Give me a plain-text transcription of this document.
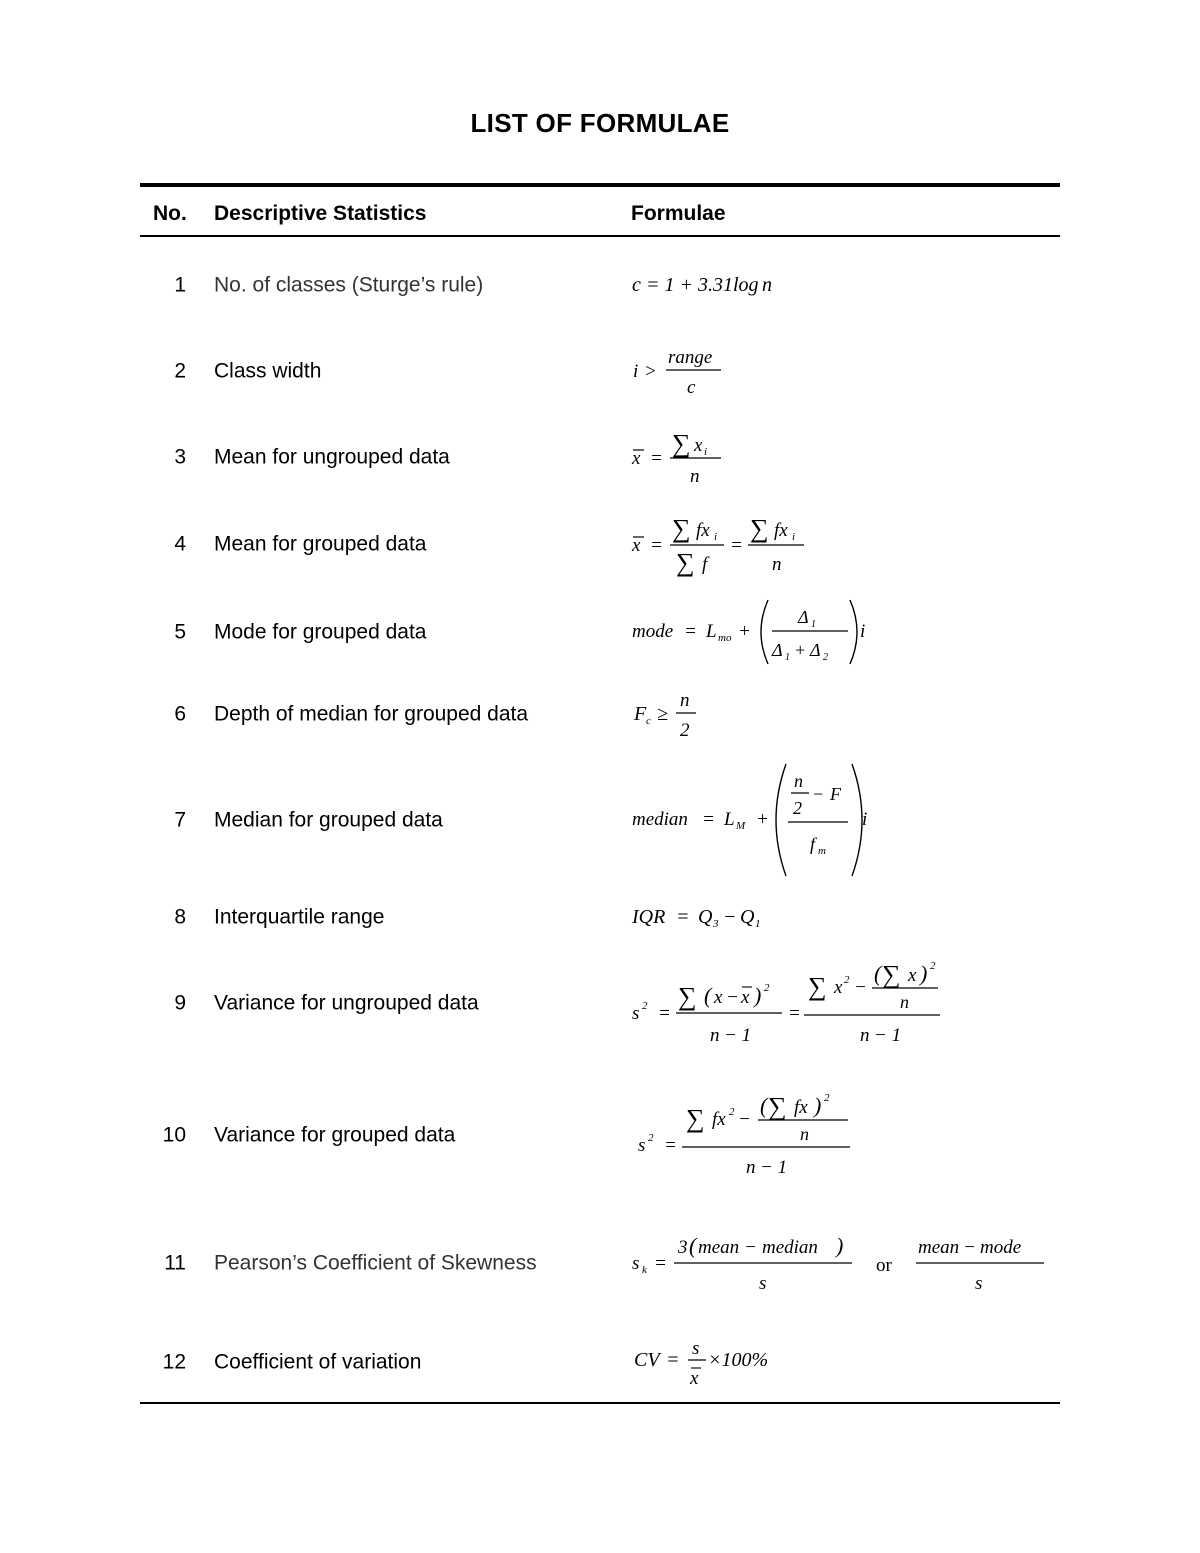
LIST OF FORMULAE
No. Descriptive Statistics	Formulae
1 No. of classes (Sturge’s rule)	c = 1 + 3.31log n
2 Class width	i >
range
c
3 Mean for ungrouped data	x =
∑ x i
n
4 Mean for grouped data	x =
∑ fx i
∑ f
=
∑ fx i
n
5 Mode for grouped data	mode = L mo +
Δ 1
Δ 1 + Δ 2
i
6 Depth of median for grouped data	F c ≥
n
2
7 Median for grouped data	median = L M +
n
2
− F
f m
i
8 Interquartile range	IQR = Q 3 − Q 1
9 Variance for ungrouped data	s 2 =
∑ ( x − x ) 2
n − 1
=
∑ x 2 −
( ∑ x ) 2
n
n − 1
10 Variance for grouped data	s 2 =
∑ fx 2 −
( ∑ fx ) 2
n
n − 1
11 Pearson’s Coefficient of Skewness	s k =
3 ( mean − median )
s
or
mean − mode
s
12 Coefficient of variation	CV =
s
x
×100%
